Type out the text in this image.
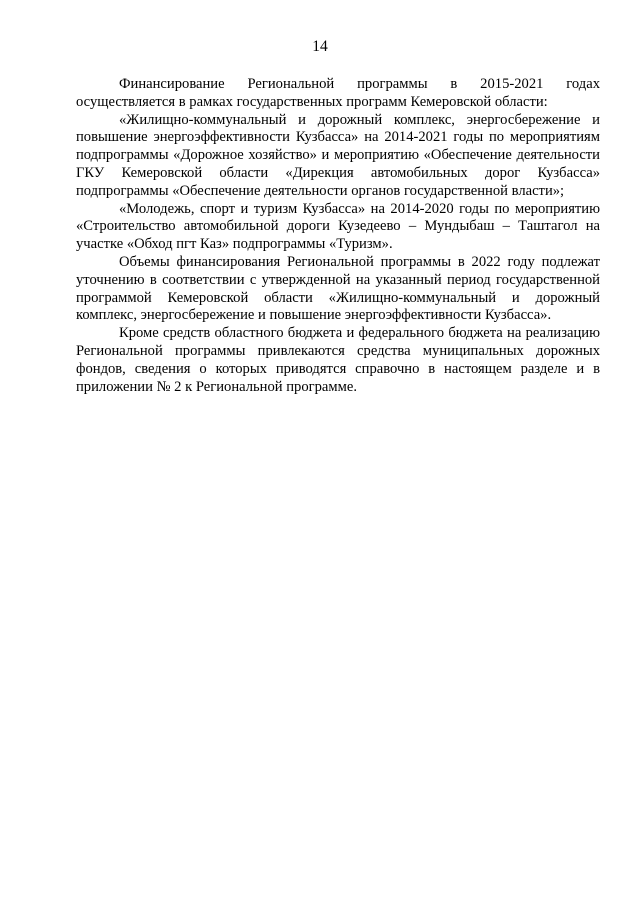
14

Финансирование Региональной программы в 2015-2021 годах осуществляется в рамках государственных программ Кемеровской области:

«Жилищно-коммунальный и дорожный комплекс, энергосбережение и повышение энергоэффективности Кузбасса» на 2014-2021 годы по мероприятиям подпрограммы «Дорожное хозяйство» и мероприятию «Обеспечение деятельности ГКУ Кемеровской области «Дирекция автомобильных дорог Кузбасса» подпрограммы «Обеспечение деятельности органов государственной власти»;

«Молодежь, спорт и туризм Кузбасса» на 2014-2020 годы по мероприятию «Строительство автомобильной дороги Кузедеево – Мундыбаш – Таштагол на участке «Обход пгт Каз» подпрограммы «Туризм».

Объемы финансирования Региональной программы в 2022 году подлежат уточнению в соответствии с утвержденной на указанный период государственной программой Кемеровской области «Жилищно-коммунальный и дорожный комплекс, энергосбережение и повышение энергоэффективности Кузбасса».

Кроме средств областного бюджета и федерального бюджета на реализацию Региональной программы привлекаются средства муниципальных дорожных фондов, сведения о которых приводятся справочно в настоящем разделе и в приложении № 2 к Региональной программе.
